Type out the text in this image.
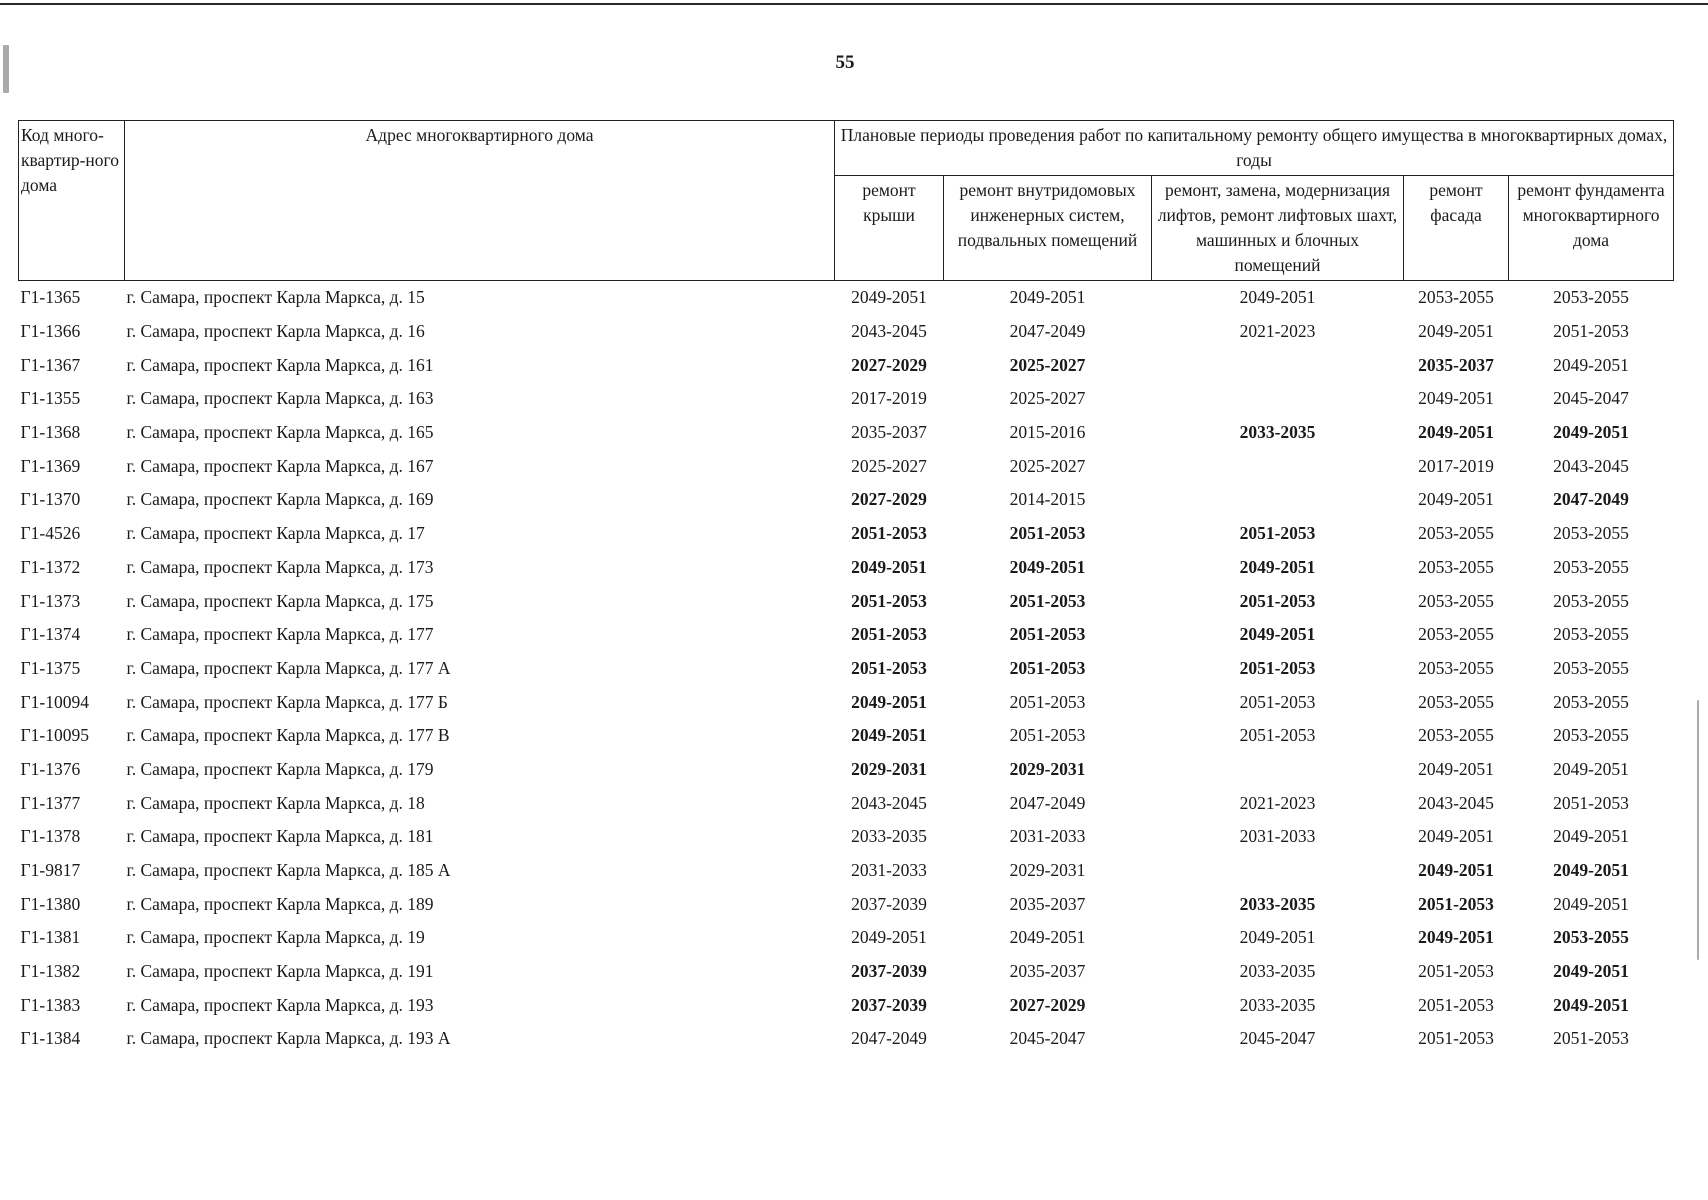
55
Код много-квартир-ного дома	Адрес многоквартирного дома	Плановые периоды проведения работ по капитальному ремонту общего имущества в многоквартирных домах, годы				
		ремонт крыши	ремонт внутридомовых инженерных систем, подвальных помещений	ремонт, замена, модернизация лифтов, ремонт лифтовых шахт, машинных и блочных помещений	ремонт фасада	ремонт фундамента многоквартирного дома
Г1-1365	г. Самара, проспект Карла Маркса, д. 15	2049-2051	2049-2051	2049-2051	2053-2055	2053-2055
Г1-1366	г. Самара, проспект Карла Маркса, д. 16	2043-2045	2047-2049	2021-2023	2049-2051	2051-2053
Г1-1367	г. Самара, проспект Карла Маркса, д. 161	2027-2029	2025-2027		2035-2037	2049-2051
Г1-1355	г. Самара, проспект Карла Маркса, д. 163	2017-2019	2025-2027		2049-2051	2045-2047
Г1-1368	г. Самара, проспект Карла Маркса, д. 165	2035-2037	2015-2016	2033-2035	2049-2051	2049-2051
Г1-1369	г. Самара, проспект Карла Маркса, д. 167	2025-2027	2025-2027		2017-2019	2043-2045
Г1-1370	г. Самара, проспект Карла Маркса, д. 169	2027-2029	2014-2015		2049-2051	2047-2049
Г1-4526	г. Самара, проспект Карла Маркса, д. 17	2051-2053	2051-2053	2051-2053	2053-2055	2053-2055
Г1-1372	г. Самара, проспект Карла Маркса, д. 173	2049-2051	2049-2051	2049-2051	2053-2055	2053-2055
Г1-1373	г. Самара, проспект Карла Маркса, д. 175	2051-2053	2051-2053	2051-2053	2053-2055	2053-2055
Г1-1374	г. Самара, проспект Карла Маркса, д. 177	2051-2053	2051-2053	2049-2051	2053-2055	2053-2055
Г1-1375	г. Самара, проспект Карла Маркса, д. 177 А	2051-2053	2051-2053	2051-2053	2053-2055	2053-2055
Г1-10094	г. Самара, проспект Карла Маркса, д. 177 Б	2049-2051	2051-2053	2051-2053	2053-2055	2053-2055
Г1-10095	г. Самара, проспект Карла Маркса, д. 177 В	2049-2051	2051-2053	2051-2053	2053-2055	2053-2055
Г1-1376	г. Самара, проспект Карла Маркса, д. 179	2029-2031	2029-2031		2049-2051	2049-2051
Г1-1377	г. Самара, проспект Карла Маркса, д. 18	2043-2045	2047-2049	2021-2023	2043-2045	2051-2053
Г1-1378	г. Самара, проспект Карла Маркса, д. 181	2033-2035	2031-2033	2031-2033	2049-2051	2049-2051
Г1-9817	г. Самара, проспект Карла Маркса, д. 185 А	2031-2033	2029-2031		2049-2051	2049-2051
Г1-1380	г. Самара, проспект Карла Маркса, д. 189	2037-2039	2035-2037	2033-2035	2051-2053	2049-2051
Г1-1381	г. Самара, проспект Карла Маркса, д. 19	2049-2051	2049-2051	2049-2051	2049-2051	2053-2055
Г1-1382	г. Самара, проспект Карла Маркса, д. 191	2037-2039	2035-2037	2033-2035	2051-2053	2049-2051
Г1-1383	г. Самара, проспект Карла Маркса, д. 193	2037-2039	2027-2029	2033-2035	2051-2053	2049-2051
Г1-1384	г. Самара, проспект Карла Маркса, д. 193 А	2047-2049	2045-2047	2045-2047	2051-2053	2051-2053
